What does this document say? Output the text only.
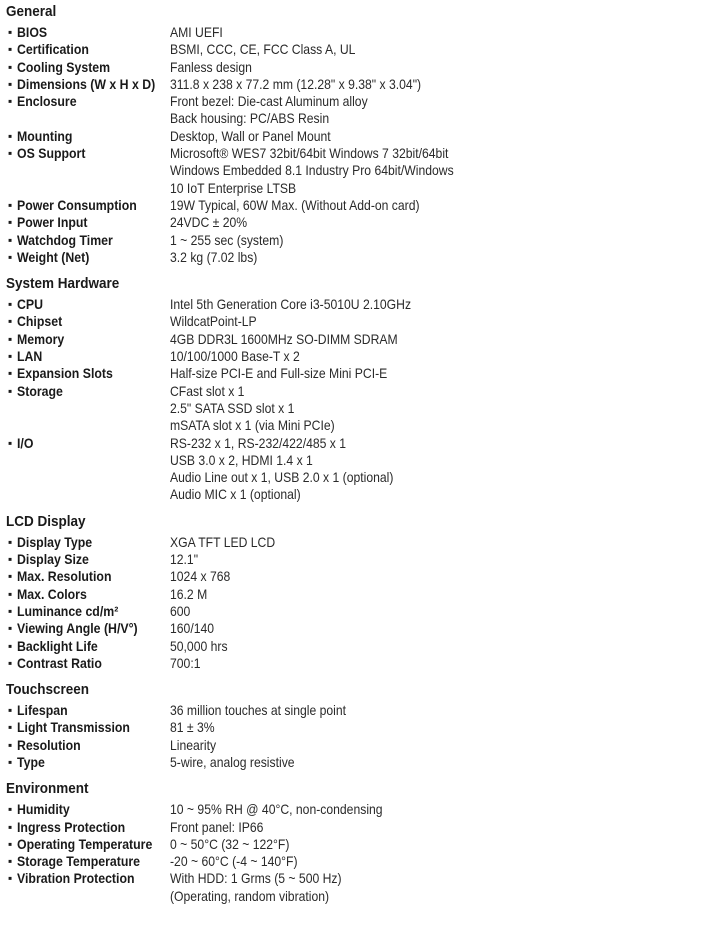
General
▪ BIOS	AMI UEFI
▪ Certification	BSMI, CCC, CE, FCC Class A, UL
▪ Cooling System	Fanless design
▪ Dimensions (W x H x D) 311.8 x 238 x 77.2 mm (12.28" x 9.38" x 3.04")
▪ Enclosure	Front bezel: Die-cast Aluminum alloy
Back housing: PC/ABS Resin
▪ Mounting	Desktop, Wall or Panel Mount
▪ OS Support	Microsoft® WES7 32bit/64bit Windows 7 32bit/64bit
Windows Embedded 8.1 Industry Pro 64bit/Windows
10 IoT Enterprise LTSB
▪ Power Consumption	19W Typical, 60W Max. (Without Add-on card)
▪ Power Input	24VDC ± 20%
▪ Watchdog Timer	1 ~ 255 sec (system)
▪ Weight (Net)	3.2 kg (7.02 lbs)
System Hardware
▪ CPU	Intel 5th Generation Core i3-5010U 2.10GHz
▪ Chipset	WildcatPoint-LP
▪ Memory	4GB DDR3L 1600MHz SO-DIMM SDRAM
▪ LAN	10/100/1000 Base-T x 2
▪ Expansion Slots	Half-size PCI-E and Full-size Mini PCI-E
▪ Storage	CFast slot x 1
2.5" SATA SSD slot x 1
mSATA slot x 1 (via Mini PCIe)
▪ I/O	RS-232 x 1, RS-232/422/485 x 1
USB 3.0 x 2, HDMI 1.4 x 1
Audio Line out x 1, USB 2.0 x 1 (optional)
Audio MIC x 1 (optional)
LCD Display
▪ Display Type	XGA TFT LED LCD
▪ Display Size	12.1"
▪ Max. Resolution	1024 x 768
▪ Max. Colors	16.2 M
▪ Luminance cd/m²	600
▪ Viewing Angle (H/V°)	160/140
▪ Backlight Life	50,000 hrs
▪ Contrast Ratio	700:1
Touchscreen
▪ Lifespan	36 million touches at single point
▪ Light Transmission	81 ± 3%
▪ Resolution	Linearity
▪ Type	5-wire, analog resistive
Environment
▪ Humidity	10 ~ 95% RH @ 40°C, non-condensing
▪ Ingress Protection	Front panel: IP66
▪ Operating Temperature 0 ~ 50°C (32 ~ 122°F)
▪ Storage Temperature	-20 ~ 60°C (-4 ~ 140°F)
▪ Vibration Protection	With HDD: 1 Grms (5 ~ 500 Hz)
(Operating, random vibration)
